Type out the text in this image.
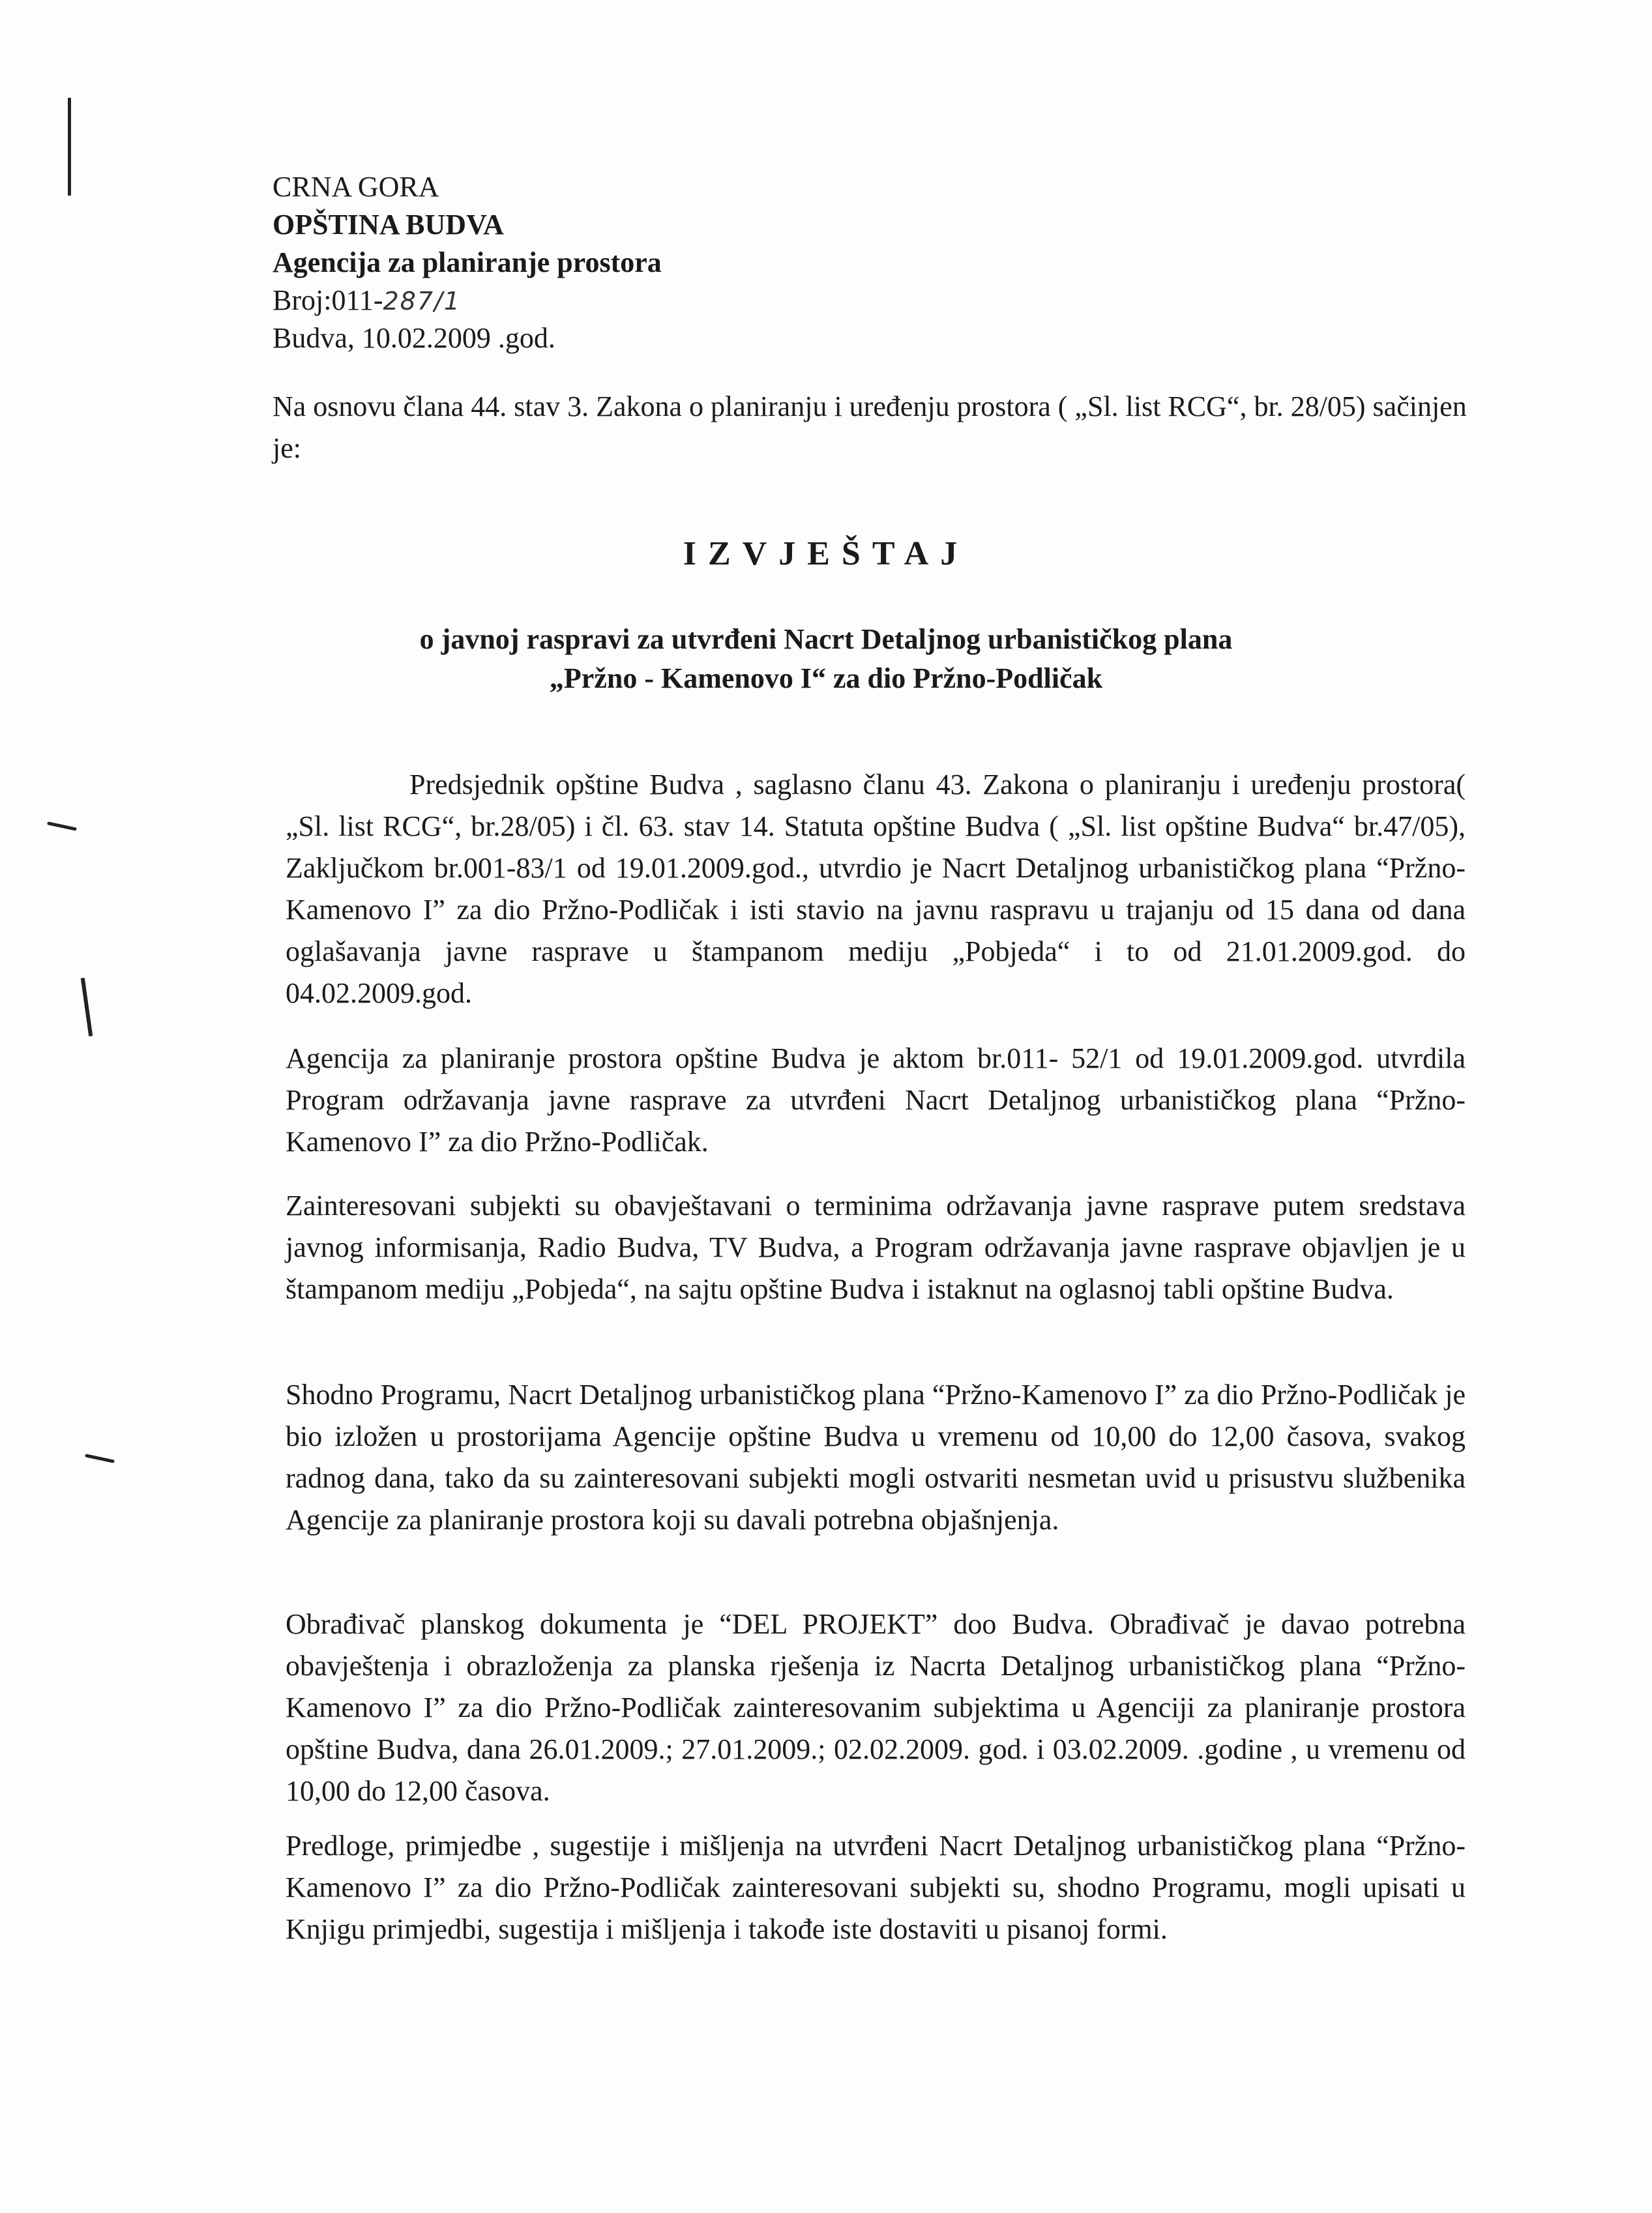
CRNA GORA
OPŠTINA BUDVA
Agencija za planiranje prostora
Broj:011-287/1
Budva, 10.02.2009 .god.
Na osnovu člana 44. stav 3. Zakona o planiranju i uređenju prostora ( „Sl. list RCG“, br. 28/05) sačinjen je:
IZVJEŠTAJ
o javnoj raspravi za utvrđeni Nacrt Detaljnog urbanističkog plana
„Pržno - Kamenovo I“ za dio Pržno-Podličak
Predsjednik opštine Budva , saglasno članu 43. Zakona o planiranju i uređenju prostora( „Sl. list RCG“, br.28/05) i čl. 63. stav 14. Statuta opštine Budva ( „Sl. list opštine Budva“ br.47/05), Zaključkom br.001-83/1 od 19.01.2009.god., utvrdio je Nacrt Detaljnog urbanističkog plana “Pržno-Kamenovo I” za dio Pržno-Podličak i isti stavio na javnu raspravu u trajanju od 15 dana od dana oglašavanja javne rasprave u štampanom mediju „Pobjeda“ i to od 21.01.2009.god. do 04.02.2009.god.
Agencija za planiranje prostora opštine Budva je aktom br.011- 52/1 od 19.01.2009.god. utvrdila Program održavanja javne rasprave za utvrđeni Nacrt Detaljnog urbanističkog plana “Pržno-Kamenovo I” za dio Pržno-Podličak.
Zainteresovani subjekti su obavještavani o terminima održavanja javne rasprave putem sredstava javnog informisanja, Radio Budva, TV Budva, a Program održavanja javne rasprave objavljen je u štampanom mediju „Pobjeda“, na sajtu opštine Budva i istaknut na oglasnoj tabli opštine Budva.
Shodno Programu, Nacrt Detaljnog urbanističkog plana “Pržno-Kamenovo I” za dio Pržno-Podličak je bio izložen u prostorijama Agencije opštine Budva u vremenu od 10,00 do 12,00 časova, svakog radnog dana, tako da su zainteresovani subjekti mogli ostvariti nesmetan uvid u prisustvu službenika Agencije za planiranje prostora koji su davali potrebna objašnjenja.
Obrađivač planskog dokumenta je “DEL PROJEKT” doo Budva. Obrađivač je davao potrebna obavještenja i obrazloženja za planska rješenja iz Nacrta Detaljnog urbanističkog plana “Pržno-Kamenovo I” za dio Pržno-Podličak zainteresovanim subjektima u Agenciji za planiranje prostora opštine Budva, dana 26.01.2009.; 27.01.2009.; 02.02.2009. god. i 03.02.2009. .godine , u vremenu od 10,00 do 12,00 časova.
Predloge, primjedbe , sugestije i mišljenja na utvrđeni Nacrt Detaljnog urbanističkog plana “Pržno-Kamenovo I” za dio Pržno-Podličak zainteresovani subjekti su, shodno Programu, mogli upisati u Knjigu primjedbi, sugestija i mišljenja i takođe iste dostaviti u pisanoj formi.
